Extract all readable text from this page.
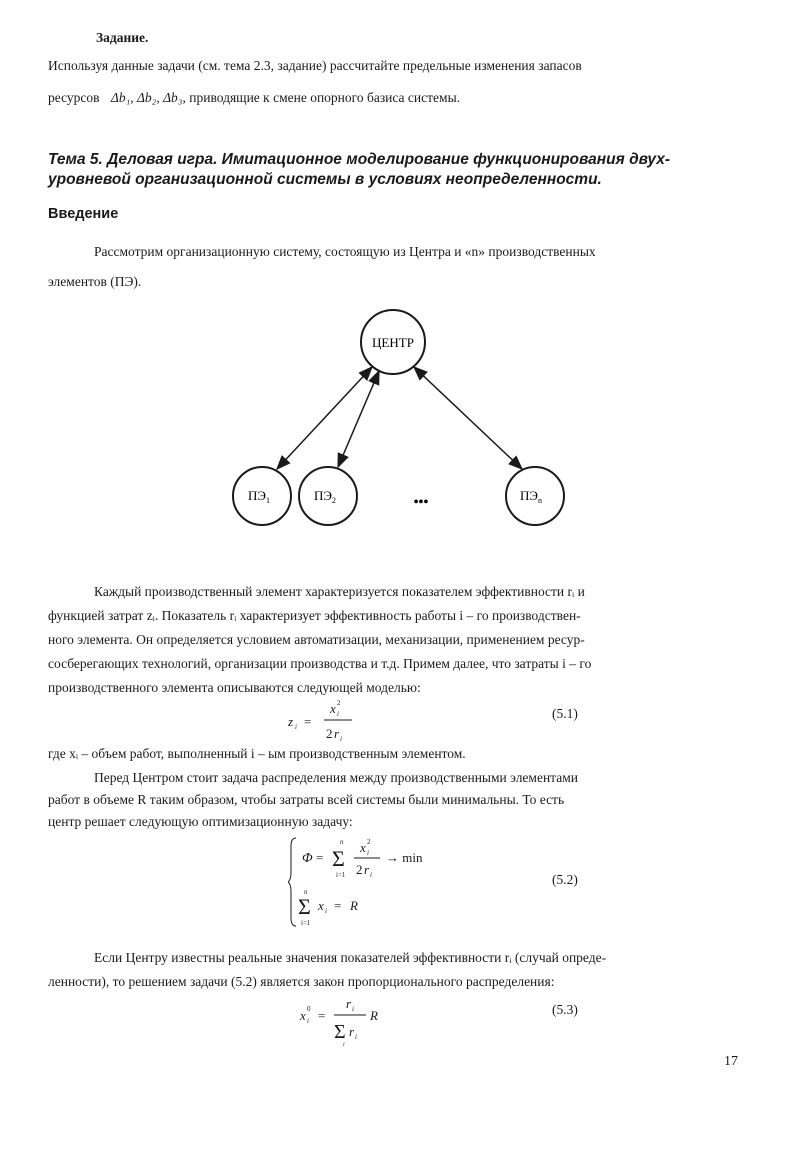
Задание.
Используя данные задачи (см. тема 2.3, задание) рассчитайте предельные изменения запасов
ресурсов Δb₁, Δb₂, Δb₃, приводящие к смене опорного базиса системы.
Тема 5. Деловая игра. Имитационное моделирование функционирования двух-
уровневой организационной системы в условиях неопределенности.
Введение
Рассмотрим организационную систему, состоящую из Центра и «n» производственных
элементов (ПЭ).
ЦЕНТР
$ПЭ_1$	$ПЭ_2$	•••	$ПЭ_n$
Каждый производственный элемент характеризуется показателем эффективности rᵢ и
функцией затрат zᵢ. Показатель rᵢ характеризует эффективность работы i – го производствен-
ного элемента. Он определяется условием автоматизации, механизации, применением ресур-
сосберегающих технологий, организации производства и т.д. Примем далее, что затраты i – го
производственного элемента описываются следующей моделью:
z i =
x i
2
2 r i
(5.1)
где xᵢ – объем работ, выполненный i – ым производственным элементом.
Перед Центром стоит задача распределения между производственными элементами
работ в объеме R таким образом, чтобы затраты всей системы были минимальны. То есть
центр решает следующую оптимизационную задачу:
Φ = Σ
n
i=1
x i
2
2 r i
→ min
n
Σ
i=1
x i = R
(5.2)
Если Центру известны реальные значения показателей эффективности rᵢ (случай опреде-
ленности), то решением задачи (5.2) является закон пропорционального распределения:
x i
0 =
r i
Σ r i
i
R	(5.3)
17
